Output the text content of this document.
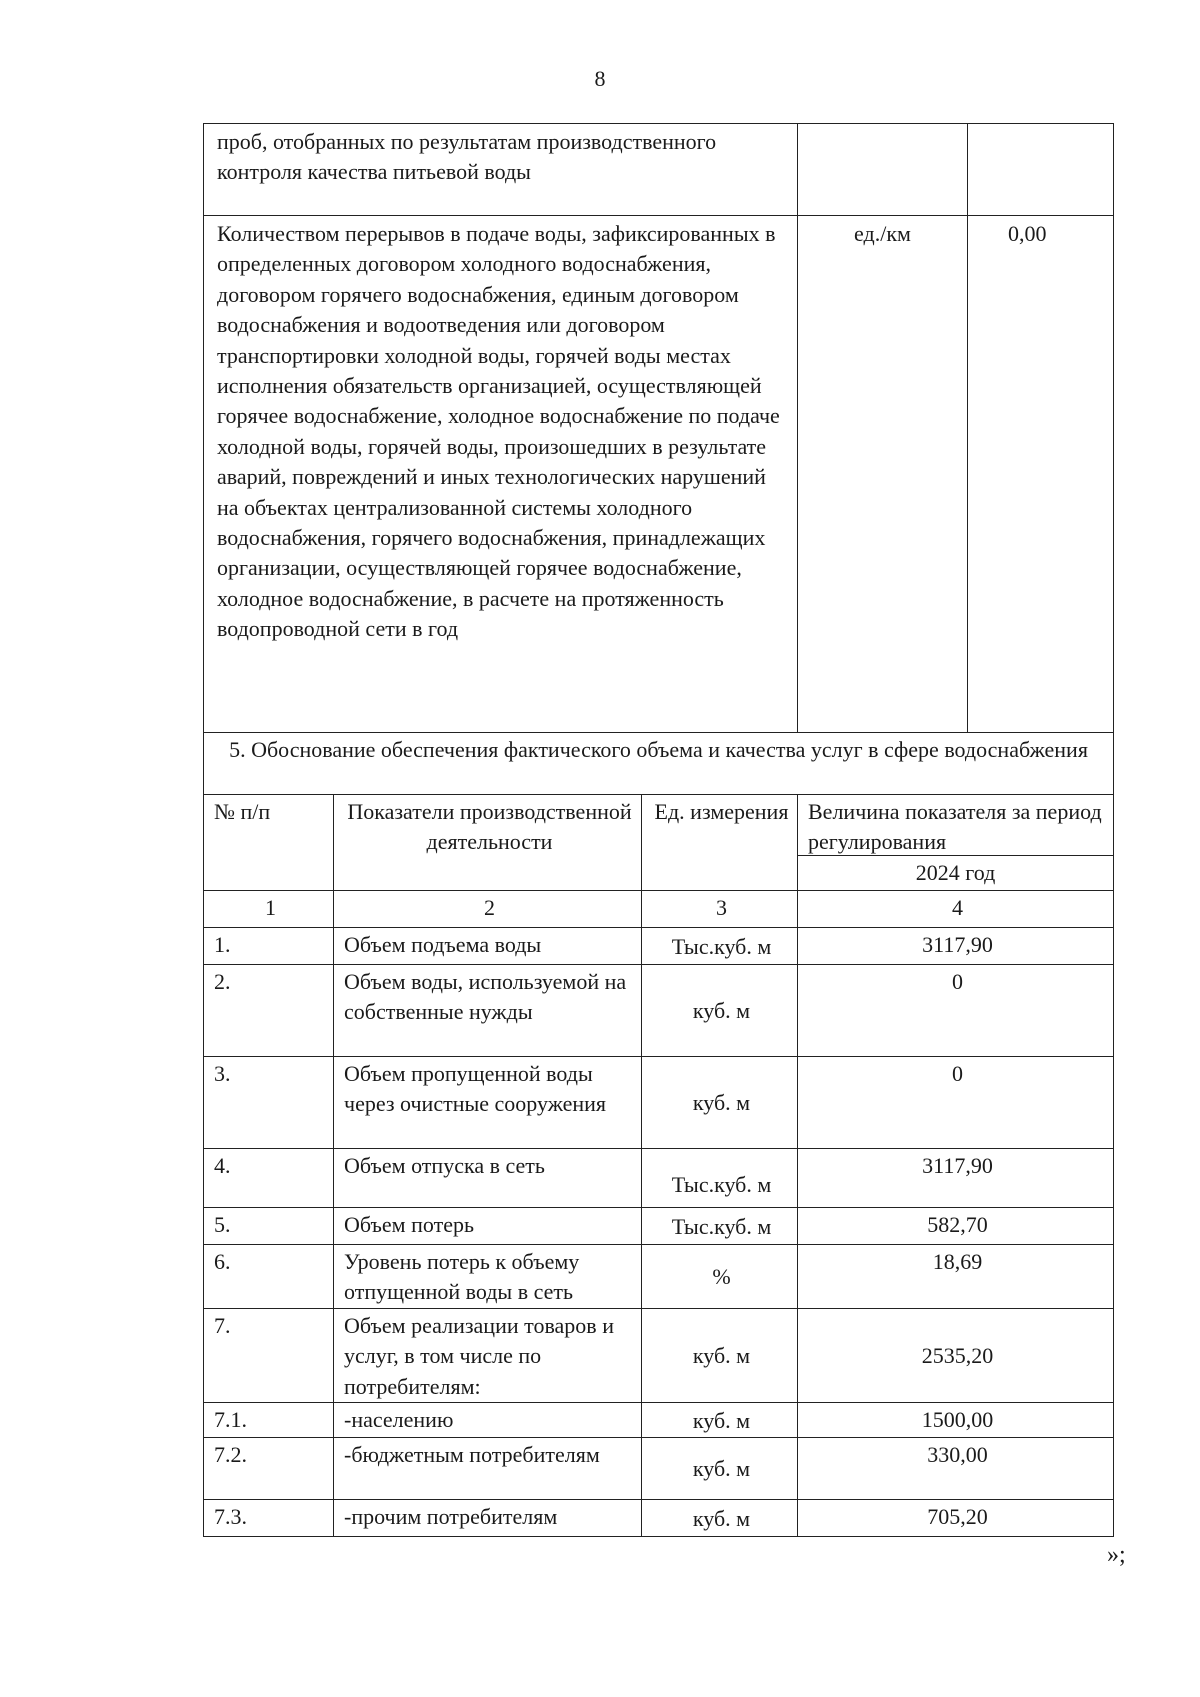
8
проб, отобранных по результатам производственного контроля качества питьевой воды		
Количеством перерывов в подаче воды, зафиксированных в определенных договором холодного водоснабжения, договором горячего водоснабжения, единым договором водоснабжения и водоотведения или договором транспортировки холодной воды, горячей воды местах исполнения обязательств организацией, осуществляющей горячее водоснабжение, холодное водоснабжение по подаче холодной воды, горячей воды, произошедших в результате аварий, повреждений и иных технологических нарушений на объектах централизованной системы холодного водоснабжения, горячего водоснабжения, принадлежащих организации, осуществляющей горячее водоснабжение, холодное водоснабжение, в расчете на протяженность водопроводной сети в год	ед./км	0,00
5. Обоснование обеспечения фактического объема и качества услуг в сфере водоснабжения			
№ п/п	Показатели производственной деятельности	Ед. измерения	Величина показателя за период регулирования
2024 год

1	2	3	4
1.	Объем подъема воды	Тыс.куб. м	3117,90
2.	Объем воды, используемой на собственные нужды	куб. м	0
3.	Объем пропущенной воды через очистные сооружения	куб. м	0
4.	Объем отпуска в сеть	Тыс.куб. м	3117,90
5.	Объем потерь	Тыс.куб. м	582,70
6.	Уровень потерь к объему отпущенной воды в сеть	%	18,69
7.	Объем реализации товаров и услуг, в том числе по потребителям:	куб. м	2535,20
7.1.	-населению	куб. м	1500,00
7.2.	-бюджетным потребителям	куб. м	330,00
7.3.	-прочим потребителям	куб. м	705,20
»;
